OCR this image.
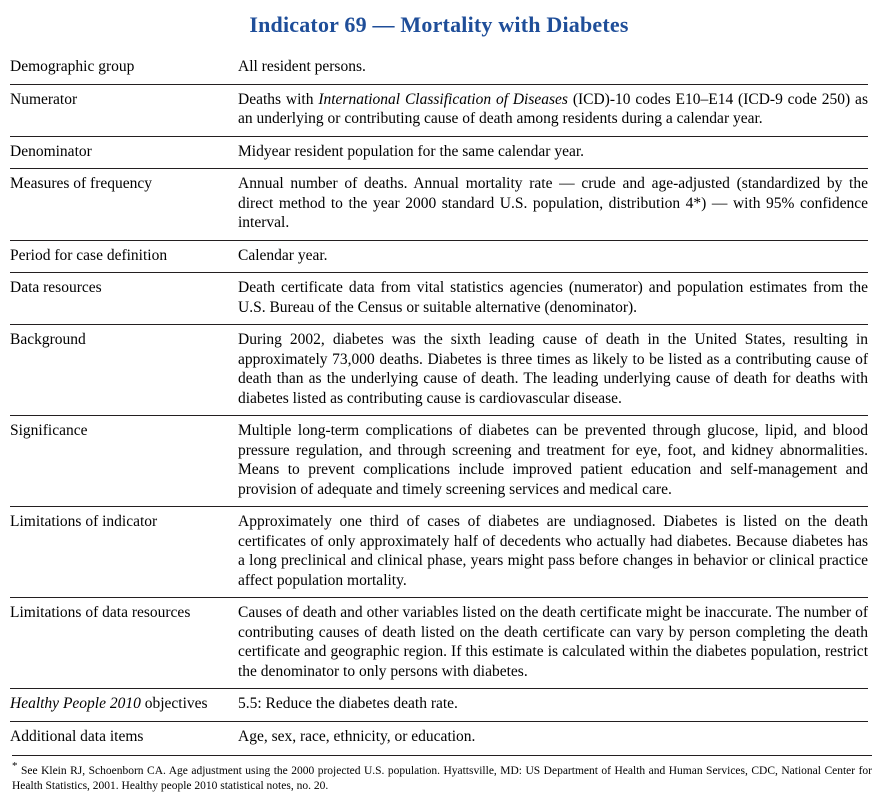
Indicator 69 — Mortality with Diabetes
Demographic group	All resident persons.
Numerator	Deaths with International Classification of Diseases (ICD)-10 codes E10–E14 (ICD-9 code 250) as an underlying or contributing cause of death among residents during a calendar year.
Denominator	Midyear resident population for the same calendar year.
Measures of frequency	Annual number of deaths. Annual mortality rate — crude and age-adjusted (standardized by the direct method to the year 2000 standard U.S. population, distribution 4*) — with 95% confidence interval.
Period for case definition	Calendar year.
Data resources	Death certificate data from vital statistics agencies (numerator) and population estimates from the U.S. Bureau of the Census or suitable alternative (denominator).
Background	During 2002, diabetes was the sixth leading cause of death in the United States, resulting in approximately 73,000 deaths. Diabetes is three times as likely to be listed as a contributing cause of death than as the underlying cause of death. The leading underlying cause of death for deaths with diabetes listed as contributing cause is cardiovascular disease.
Significance	Multiple long-term complications of diabetes can be prevented through glucose, lipid, and blood pressure regulation, and through screening and treatment for eye, foot, and kidney abnormalities. Means to prevent complications include improved patient education and self-management and provision of adequate and timely screening services and medical care.
Limitations of indicator	Approximately one third of cases of diabetes are undiagnosed. Diabetes is listed on the death certificates of only approximately half of decedents who actually had diabetes. Because diabetes has a long preclinical and clinical phase, years might pass before changes in behavior or clinical practice affect population mortality.
Limitations of data resources	Causes of death and other variables listed on the death certificate might be inaccurate. The number of contributing causes of death listed on the death certificate can vary by person completing the death certificate and geographic region. If this estimate is calculated within the diabetes population, restrict the denominator to only persons with diabetes.
Healthy People 2010 objectives	5.5: Reduce the diabetes death rate.
Additional data items	Age, sex, race, ethnicity, or education.
* See Klein RJ, Schoenborn CA. Age adjustment using the 2000 projected U.S. population. Hyattsville, MD: US Department of Health and Human Services, CDC, National Center for Health Statistics, 2001. Healthy people 2010 statistical notes, no. 20.
